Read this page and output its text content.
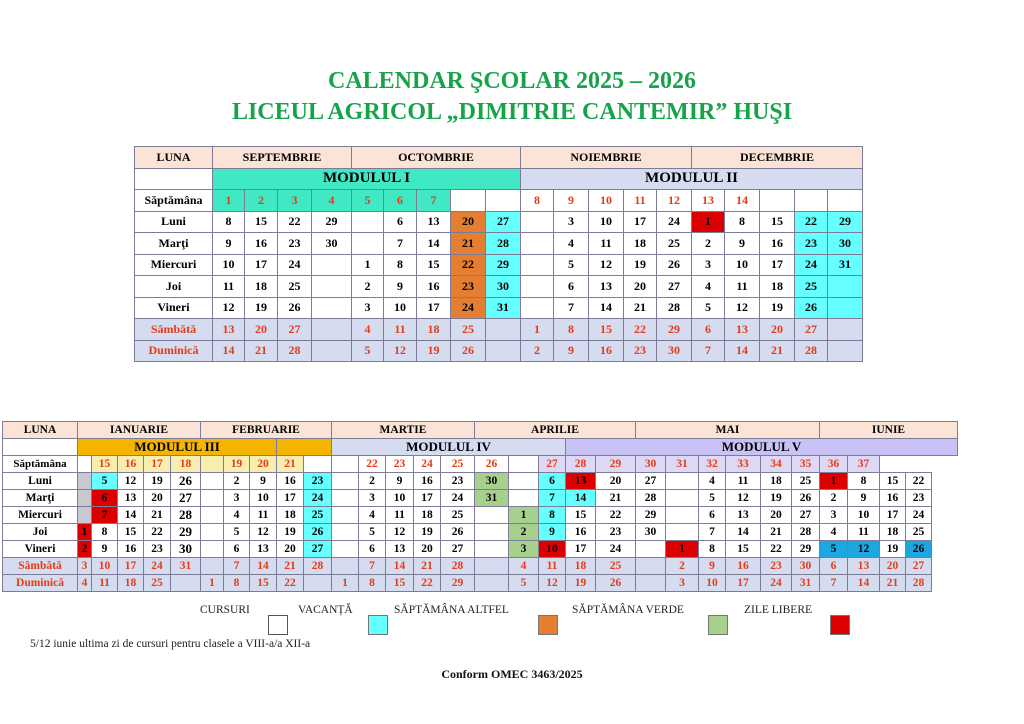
CALENDAR ŞCOLAR 2025 – 2026
LICEUL AGRICOL „DIMITRIE CANTEMIR” HUŞI
LUNA	SEPTEMBRIE				OCTOMBRIE					NOIEMBRIE					DECEMBRIE				
	MODULUL I									MODULUL II									
Săptămâna	1	2	3	4	5	6	7			8	9	10	11	12	13	14			
Luni	8	15	22	29		6	13	20	27		3	10	17	24	1	8	15	22	29
Marţi	9	16	23	30		7	14	21	28		4	11	18	25	2	9	16	23	30
Miercuri	10	17	24		1	8	15	22	29		5	12	19	26	3	10	17	24	31
Joi	11	18	25		2	9	16	23	30		6	13	20	27	4	11	18	25	
Vineri	12	19	26		3	10	17	24	31		7	14	21	28	5	12	19	26	
Sâmbătă	13	20	27		4	11	18	25		1	8	15	22	29	6	13	20	27	
Duminică	14	21	28		5	12	19	26		2	9	16	23	30	7	14	21	28	
LUNA	IANUARIE					FEBRUARIE					MARTIE					APRILIE					MAI						IUNIE			
	MODULUL III										MODULUL IV								MODULUL V											
Săptămâna		15	16	17	18		19	20	21			22	23	24	25	26		27	28	29	30	31	32	33	34	35	36	37		
Luni		5	12	19	26		2	9	16	23		2	9	16	23	30		6	13	20	27		4	11	18	25	1	8	15	22
Marţi		6	13	20	27		3	10	17	24		3	10	17	24	31		7	14	21	28		5	12	19	26	2	9	16	23
Miercuri		7	14	21	28		4	11	18	25		4	11	18	25		1	8	15	22	29		6	13	20	27	3	10	17	24
Joi	1	8	15	22	29		5	12	19	26		5	12	19	26		2	9	16	23	30		7	14	21	28	4	11	18	25
Vineri	2	9	16	23	30		6	13	20	27		6	13	20	27		3	10	17	24		1	8	15	22	29	5	12	19	26
Sâmbătă	3	10	17	24	31		7	14	21	28		7	14	21	28		4	11	18	25		2	9	16	23	30	6	13	20	27
Duminică	4	11	18	25		1	8	15	22		1	8	15	22	29		5	12	19	26		3	10	17	24	31	7	14	21	28
CURSURI	VACANȚĂ	SĂPTĂMÂNA ALTFEL	SĂPTĂMÂNA VERDE	ZILE LIBERE
5/12 iunie ultima zi de cursuri pentru clasele a VIII-a/a XII-a
Conform OMEC 3463/2025
